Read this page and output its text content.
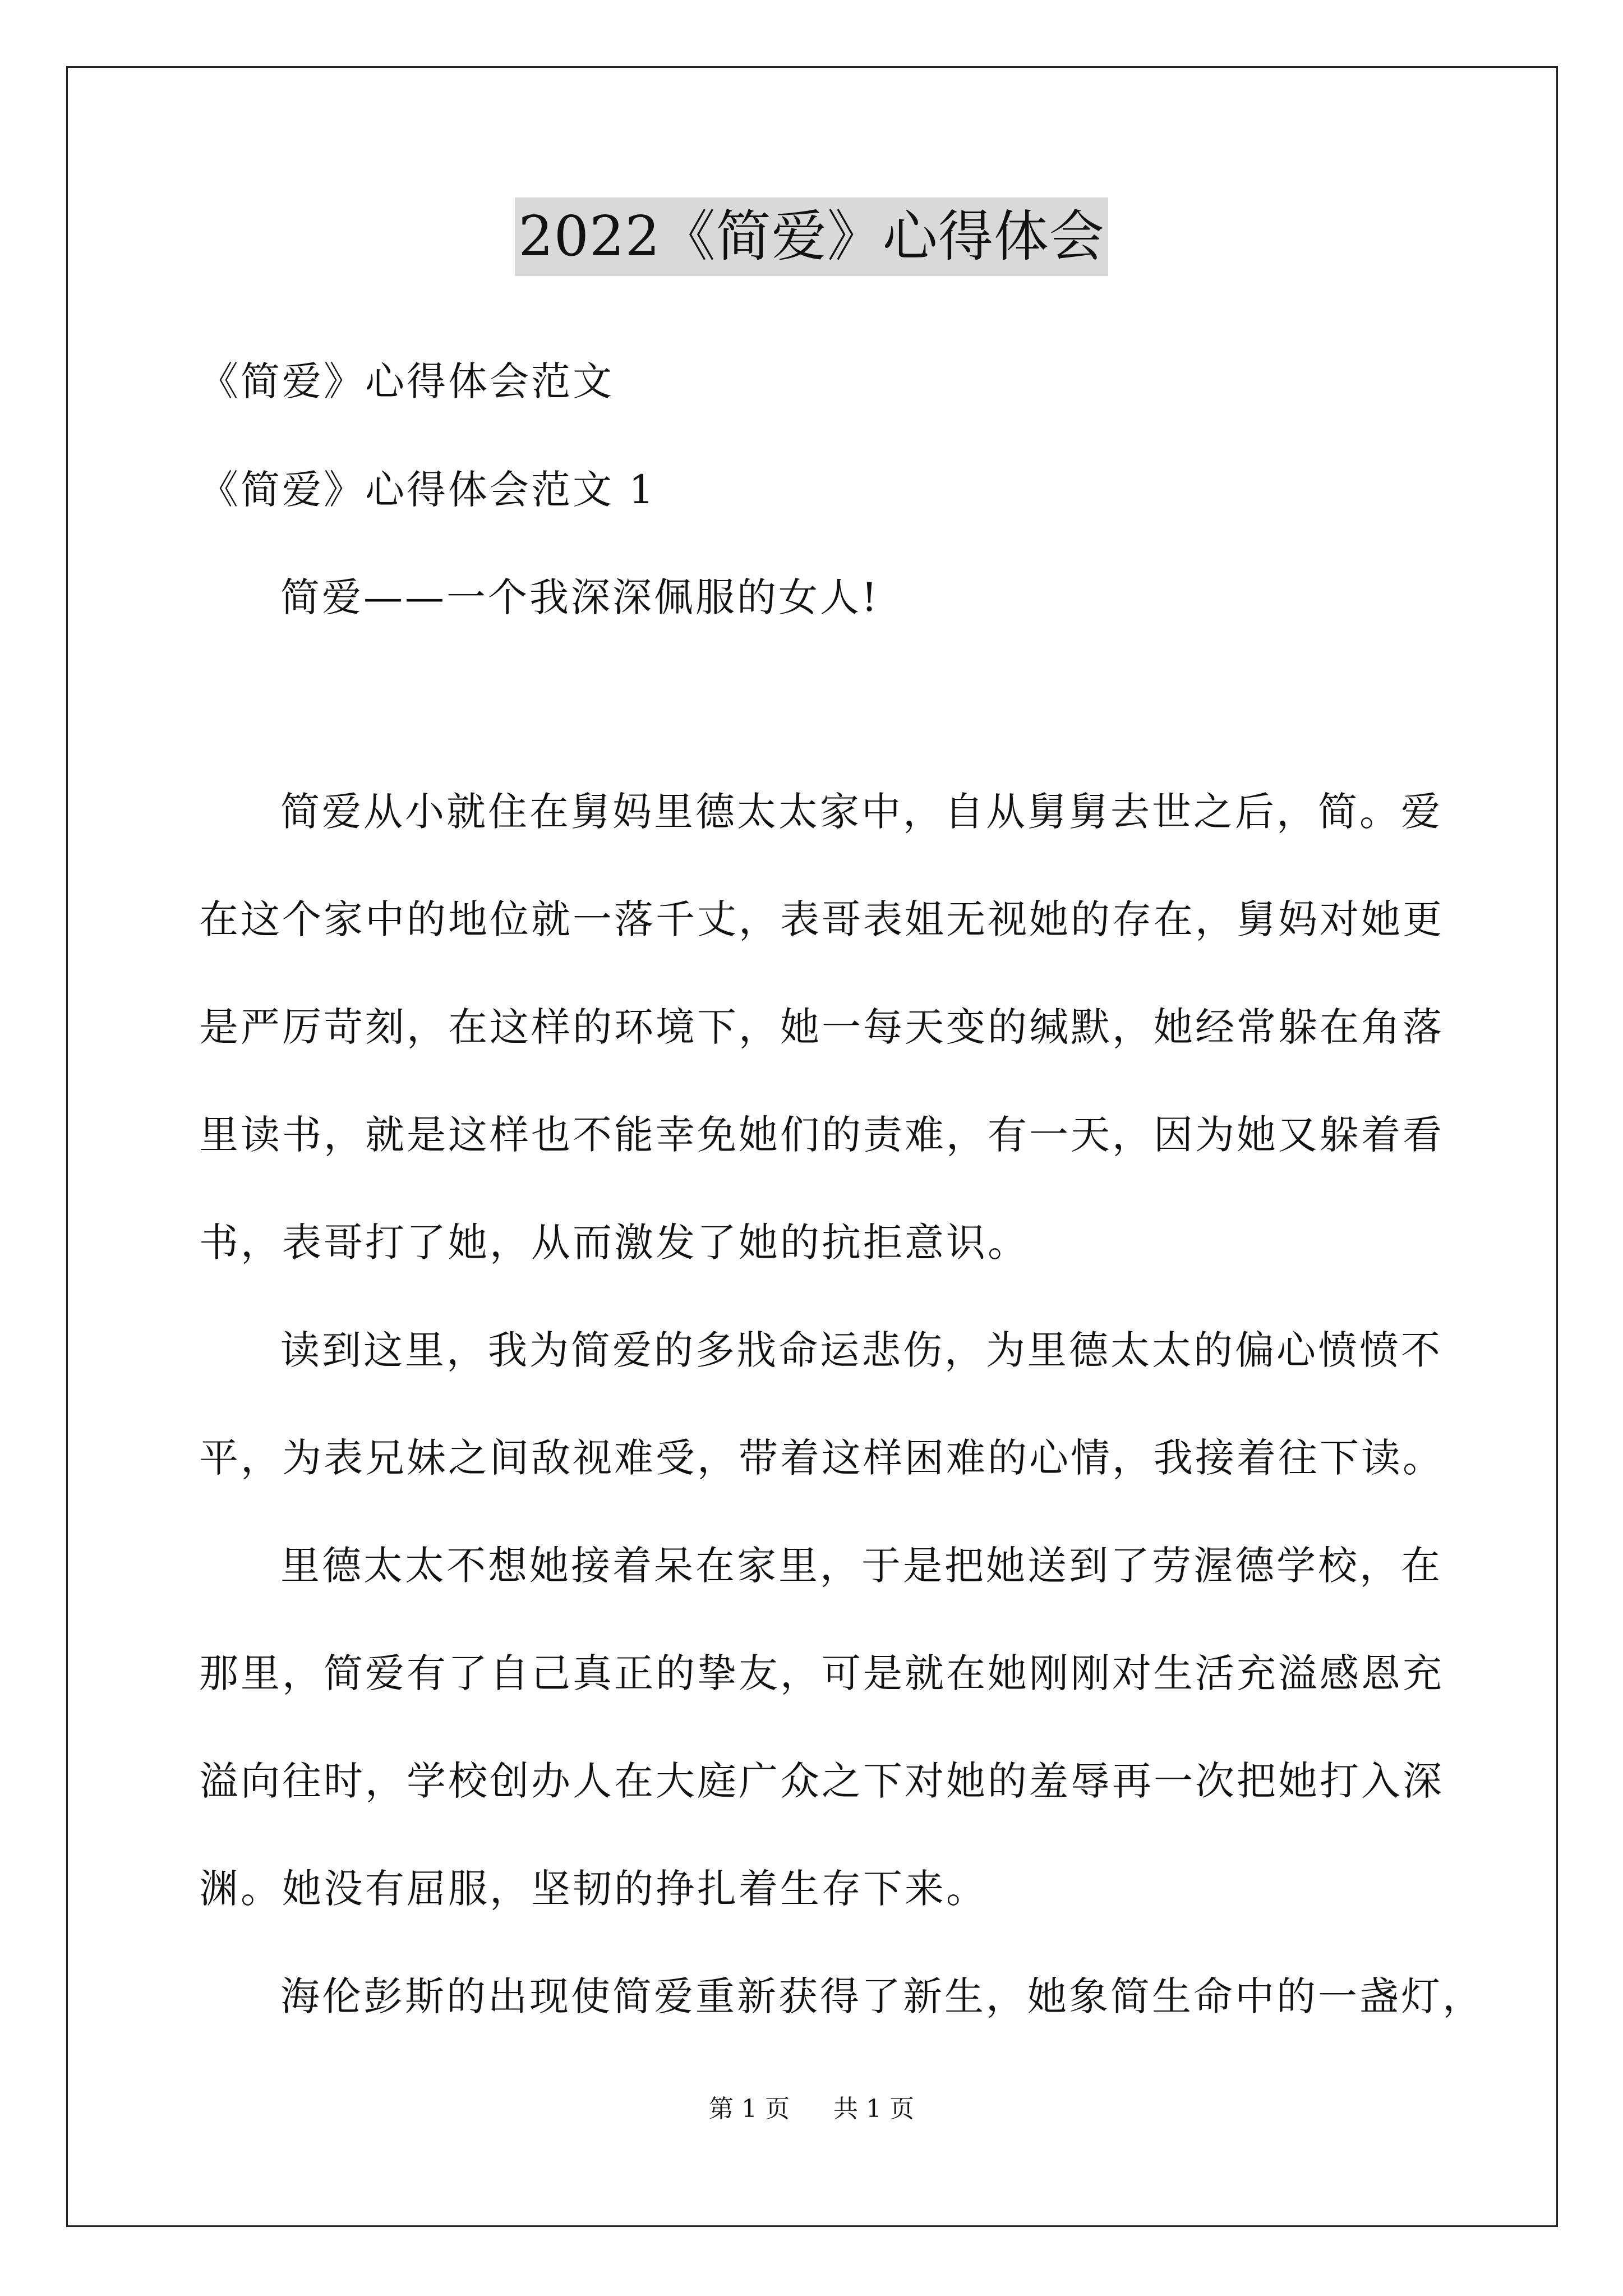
2022《简爱》心得体会
《简爱》心得体会范文
《简爱》心得体会范文 1
简爱——一个我深深佩服的女人!
简爱从小就住在舅妈里德太太家中，自从舅舅去世之后，简。爱
在这个家中的地位就一落千丈，表哥表姐无视她的存在，舅妈对她更
是严厉苛刻，在这样的环境下，她一每天变的缄默，她经常躲在角落
里读书，就是这样也不能幸免她们的责难，有一天，因为她又躲着看
书，表哥打了她，从而激发了她的抗拒意识。
读到这里，我为简爱的多戕命运悲伤，为里德太太的偏心愤愤不
平，为表兄妹之间敌视难受，带着这样困难的心情，我接着往下读。
里德太太不想她接着呆在家里，于是把她送到了劳渥德学校，在
那里，简爱有了自己真正的挚友，可是就在她刚刚对生活充溢感恩充
溢向往时，学校创办人在大庭广众之下对她的羞辱再一次把她打入深
渊。她没有屈服，坚韧的挣扎着生存下来。
海伦彭斯的出现使简爱重新获得了新生，她象简生命中的一盏灯，
第 1 页 共 1 页
